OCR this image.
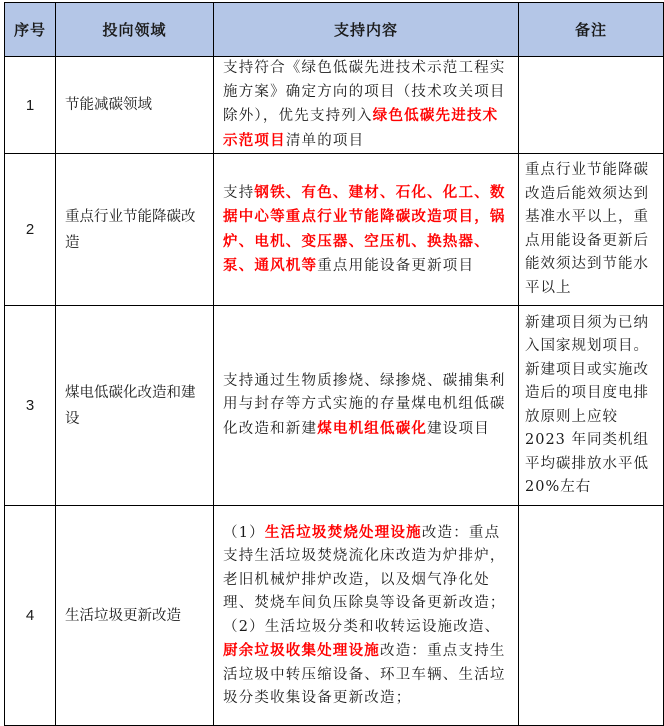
序号	投向领域	支持内容	备注
1	节能减碳领域	支持符合《绿色低碳先进技术示范工程实施方案》确定方向的项目（技术攻关项目除外），优先支持列入绿色低碳先进技术示范项目清单的项目	
2	重点行业节能降碳改造	支持钢铁、有色、建材、石化、化工、数据中心等重点行业节能降碳改造项目，锅炉、电机、变压器、空压机、换热器、泵、通风机等重点用能设备更新项目	重点行业节能降碳改造后能效须达到基准水平以上，重点用能设备更新后能效须达到节能水平以上
3	煤电低碳化改造和建设	支持通过生物质掺烧、绿掺烧、碳捕集利用与封存等方式实施的存量煤电机组低碳化改造和新建煤电机组低碳化建设项目	新建项目须为已纳入国家规划项目。新建项目或实施改造后的项目度电排放原则上应较 2023 年同类机组平均碳排放水平低 20%左右
4	生活垃圾更新改造	（1）生活垃圾焚烧处理设施改造：重点支持生活垃圾焚烧流化床改造为炉排炉，老旧机械炉排炉改造，以及烟气净化处理、焚烧车间负压除臭等设备更新改造；
（2）生活垃圾分类和收转运设施改造、厨余垃圾收集处理设施改造：重点支持生活垃圾中转压缩设备、环卫车辆、生活垃圾分类收集设备更新改造；	
